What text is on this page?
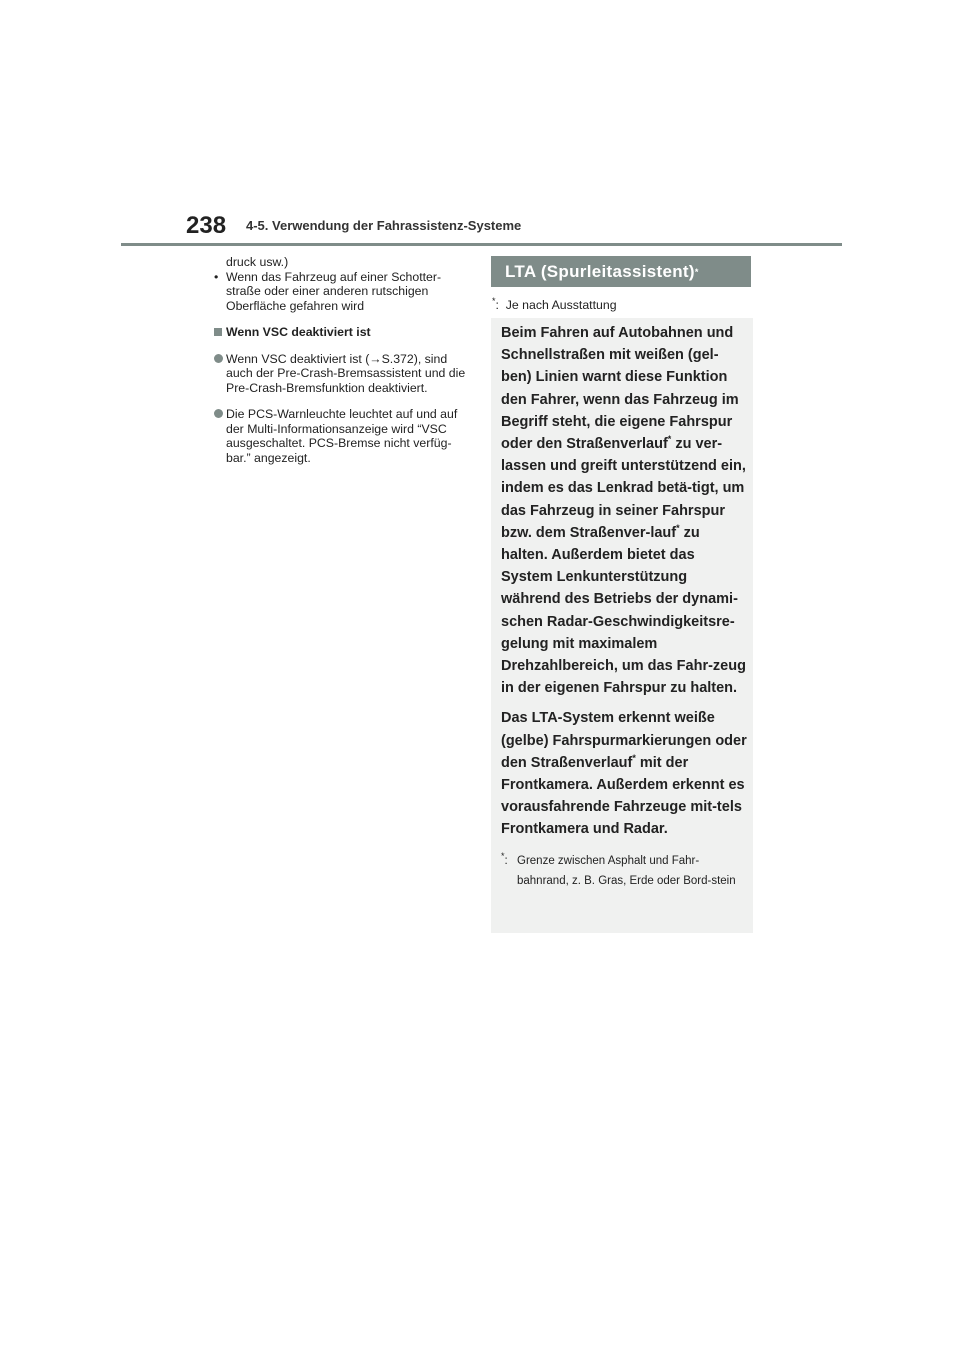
238 4-5. Verwendung der Fahrassistenz-Systeme

druck usw.)

• Wenn das Fahrzeug auf einer Schotter-straße oder einer anderen rutschigen Oberfläche gefahren wird

Wenn VSC deaktiviert ist

Wenn VSC deaktiviert ist (→S.372), sind auch der Pre-Crash-Bremsassistent und die Pre-Crash-Bremsfunktion deaktiviert.

Die PCS-Warnleuchte leuchtet auf und auf der Multi-Informationsanzeige wird “VSC ausgeschaltet. PCS-Bremse nicht verfüg-bar.” angezeigt.

LTA (Spurleitassistent) *
*: Je nach Ausstattung

Beim Fahren auf Autobahnen und Schnellstraßen mit weißen (gel-ben) Linien warnt diese Funktion den Fahrer, wenn das Fahrzeug im Begriff steht, die eigene Fahrspur oder den Straßenverlauf* zu ver-lassen und greift unterstützend ein, indem es das Lenkrad betä-tigt, um das Fahrzeug in seiner Fahrspur bzw. dem Straßenver-lauf* zu halten. Außerdem bietet das System Lenkunterstützung während des Betriebs der dynami-schen Radar-Geschwindigkeitsre-gelung mit maximalem Drehzahlbereich, um das Fahr-zeug in der eigenen Fahrspur zu halten.

Das LTA-System erkennt weiße (gelbe) Fahrspurmarkierungen oder den Straßenverlauf* mit der Frontkamera. Außerdem erkennt es vorausfahrende Fahrzeuge mit-tels Frontkamera und Radar.

*: Grenze zwischen Asphalt und Fahr-bahnrand, z. B. Gras, Erde oder Bord-stein
